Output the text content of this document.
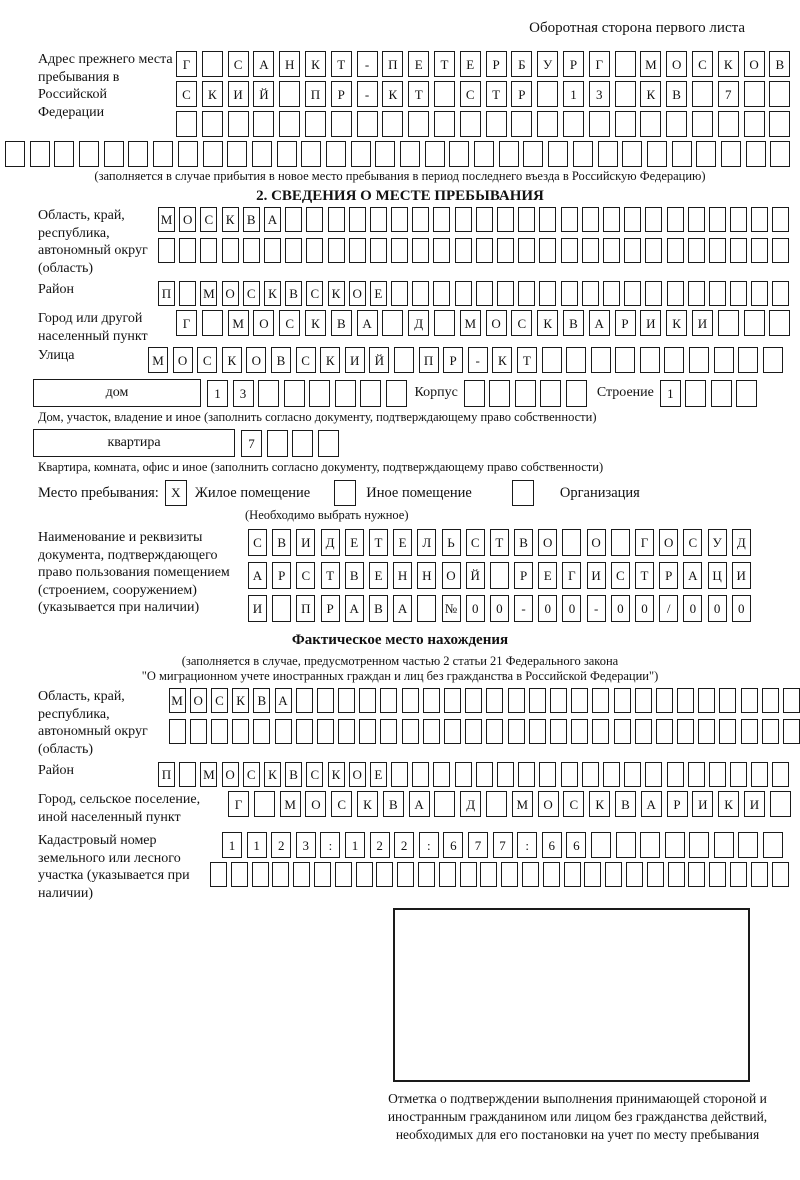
Оборотная сторона первого листа
Адрес прежнего места пребывания в Российской Федерации
Г	С	А	Н	К	Т	-	П	Е	Т	Е	Р	Б	У	Р	Г	М	О	С	К	О	В
С	К	И	Й	П	Р	-	К	Т	С	Т	Р	1	3	К	В	7
(заполняется в случае прибытия в новое место пребывания в период последнего въезда в Российскую Федерацию)
2. СВЕДЕНИЯ О МЕСТЕ ПРЕБЫВАНИЯ
Область, край, республика, автономный округ (область)
М О С К В А
Район	П М О С К В С К О Е
Город или другой населенный пункт
Г	М	О	С	К	В	А	Д	М	О	С	К	В	А	Р	И	К	И
Улица	М	О	С	К	О	В	С	К	И	Й	П	Р	-	К	Т
дом	1	3	Корпус	Строение	1
Дом, участок, владение и иное (заполнить согласно документу, подтверждающему право собственности)
квартира	7
Квартира, комната, офис и иное (заполнить согласно документу, подтверждающему право собственности)
Место пребывания: X Жилое помещение	Иное помещение	Организация
(Необходимо выбрать нужное)
Наименование и реквизиты документа, подтверждающего право пользования помещением (строением, сооружением) (указывается при наличии)
С	В	И	Д	Е	Т	Е	Л	Ь	С	Т	В	О	О	Г	О	С	У	Д
А	Р	С	Т	В	Е	Н	Н	О	Й	Р	Е	Г	И	С	Т	Р	А	Ц	И
И	П	Р	А	В	А	№	0	0	-	0	0	-	0	0	/	0	0	0
Фактическое место нахождения
(заполняется в случае, предусмотренном частью 2 статьи 21 Федерального закона
"О миграционном учете иностранных граждан и лиц без гражданства в Российской Федерации")
Область, край, республика, автономный округ (область)
М О С К В А
Район	П М О С К В С К О Е
Город, сельское поселение, иной населенный пункт
Г	М	О	С	К	В	А	Д	М	О	С	К	В	А	Р	И	К	И
Кадастровый номер земельного или лесного участка (указывается при наличии)
1	1	2	3	:	1	2	2	:	6	7	7	:	6	6
Отметка о подтверждении выполнения принимающей стороной и иностранным гражданином или лицом без гражданства действий, необходимых для его постановки на учет по месту пребывания
